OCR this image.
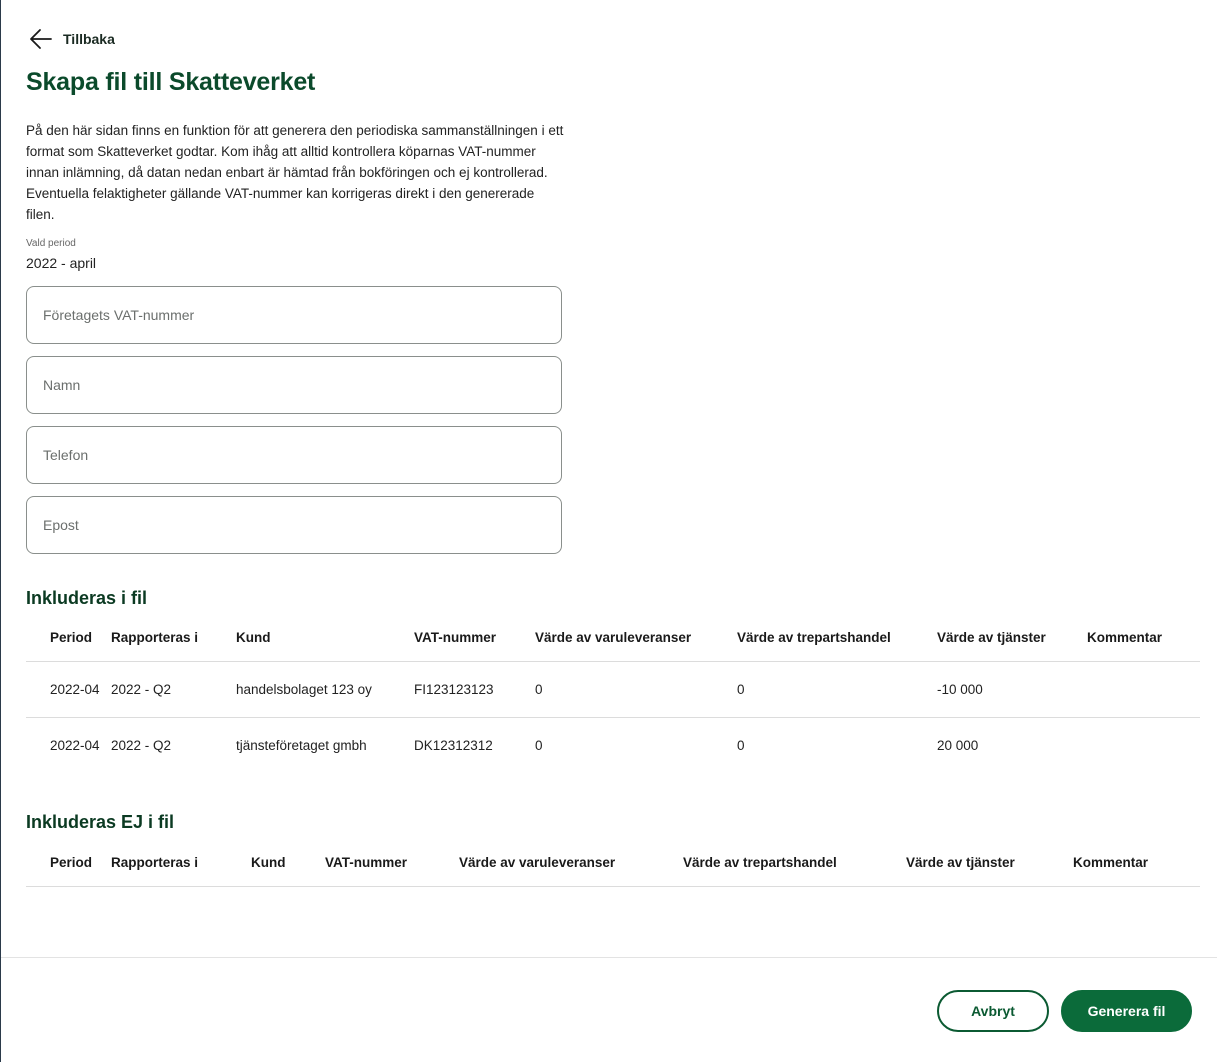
Tillbaka
Skapa fil till Skatteverket

På den här sidan finns en funktion för att generera den periodiska sammanställningen i ett format som Skatteverket godtar. Kom ihåg att alltid kontrollera köparnas VAT-nummer innan inlämning, då datan nedan enbart är hämtad från bokföringen och ej kontrollerad. Eventuella felaktigheter gällande VAT-nummer kan korrigeras direkt i den genererade filen.

Vald period
2022 - april
Företagets VAT-nummer
Namn
Telefon
Epost
Inkluderas i fil
Period	Rapporteras i	Kund	VAT-nummer	Värde av varuleveranser	Värde av trepartshandel	Värde av tjänster	Kommentar
2022-04	2022 - Q2	handelsbolaget 123 oy	FI123123123	0	0	-10 000	
2022-04	2022 - Q2	tjänsteföretaget gmbh	DK12312312	0	0	20 000	
Inkluderas EJ i fil
Period	Rapporteras i	Kund	VAT-nummer	Värde av varuleveranser	Värde av trepartshandel	Värde av tjänster	Kommentar
Avbryt	Generera fil
